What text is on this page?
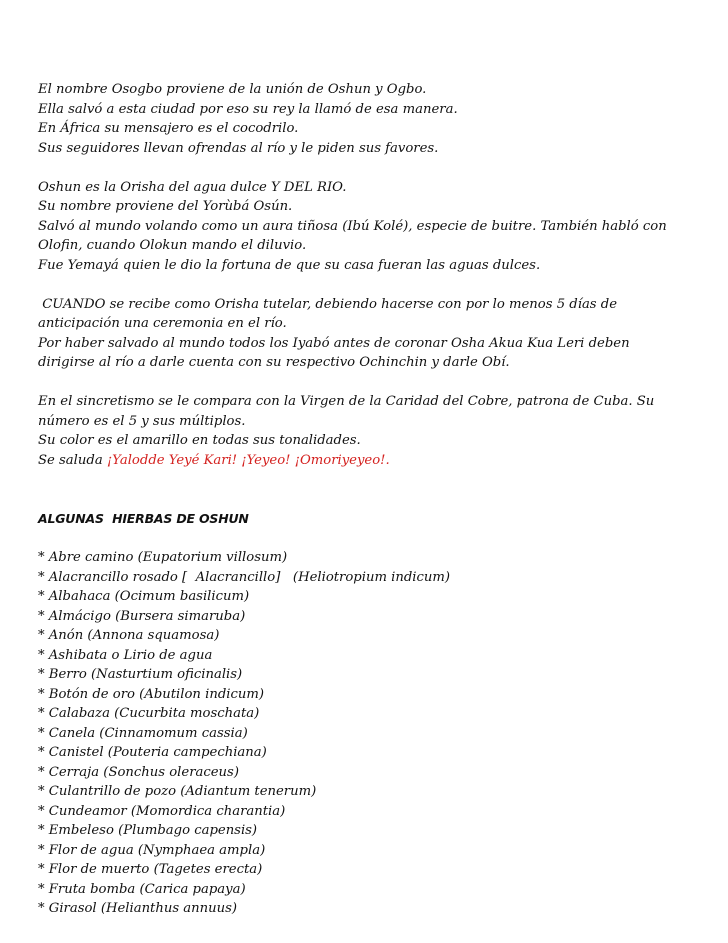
El nombre Osogbo proviene de la unión de Oshun y Ogbo.
Ella salvó a esta ciudad por eso su rey la llamó de esa manera.
En África su mensajero es el cocodrilo.
Sus seguidores llevan ofrendas al río y le piden sus favores.
Oshun es la Orisha del agua dulce Y DEL RIO.
Su nombre proviene del Yorùbá Osún.
Salvó al mundo volando como un aura tiñosa (Ibú Kolé), especie de buitre. También habló con
Olofin, cuando Olokun mando el diluvio.
Fue Yemayá quien le dio la fortuna de que su casa fueran las aguas dulces.
CUANDO se recibe como Orisha tutelar, debiendo hacerse con por lo menos 5 días de
anticipación una ceremonia en el río.
Por haber salvado al mundo todos los Iyabó antes de coronar Osha Akua Kua Leri deben
dirigirse al río a darle cuenta con su respectivo Ochinchin y darle Obí.
En el sincretismo se le compara con la Virgen de la Caridad del Cobre, patrona de Cuba. Su
número es el 5 y sus múltiplos.
Su color es el amarillo en todas sus tonalidades.
Se saluda ¡Yalodde Yeyé Kari! ¡Yeyeo! ¡Omoriyeyeo!.
ALGUNAS  HIERBAS DE OSHUN
* Abre camino (Eupatorium villosum)
* Alacrancillo rosado [  Alacrancillo]   (Heliotropium indicum)
* Albahaca (Ocimum basilicum)
* Almácigo (Bursera simaruba)
* Anón (Annona squamosa)
* Ashibata o Lirio de agua
* Berro (Nasturtium oficinalis)
* Botón de oro (Abutilon indicum)
* Calabaza (Cucurbita moschata)
* Canela (Cinnamomum cassia)
* Canistel (Pouteria campechiana)
* Cerraja (Sonchus oleraceus)
* Culantrillo de pozo (Adiantum tenerum)
* Cundeamor (Momordica charantia)
* Embeleso (Plumbago capensis)
* Flor de agua (Nymphaea ampla)
* Flor de muerto (Tagetes erecta)
* Fruta bomba (Carica papaya)
* Girasol (Helianthus annuus)
